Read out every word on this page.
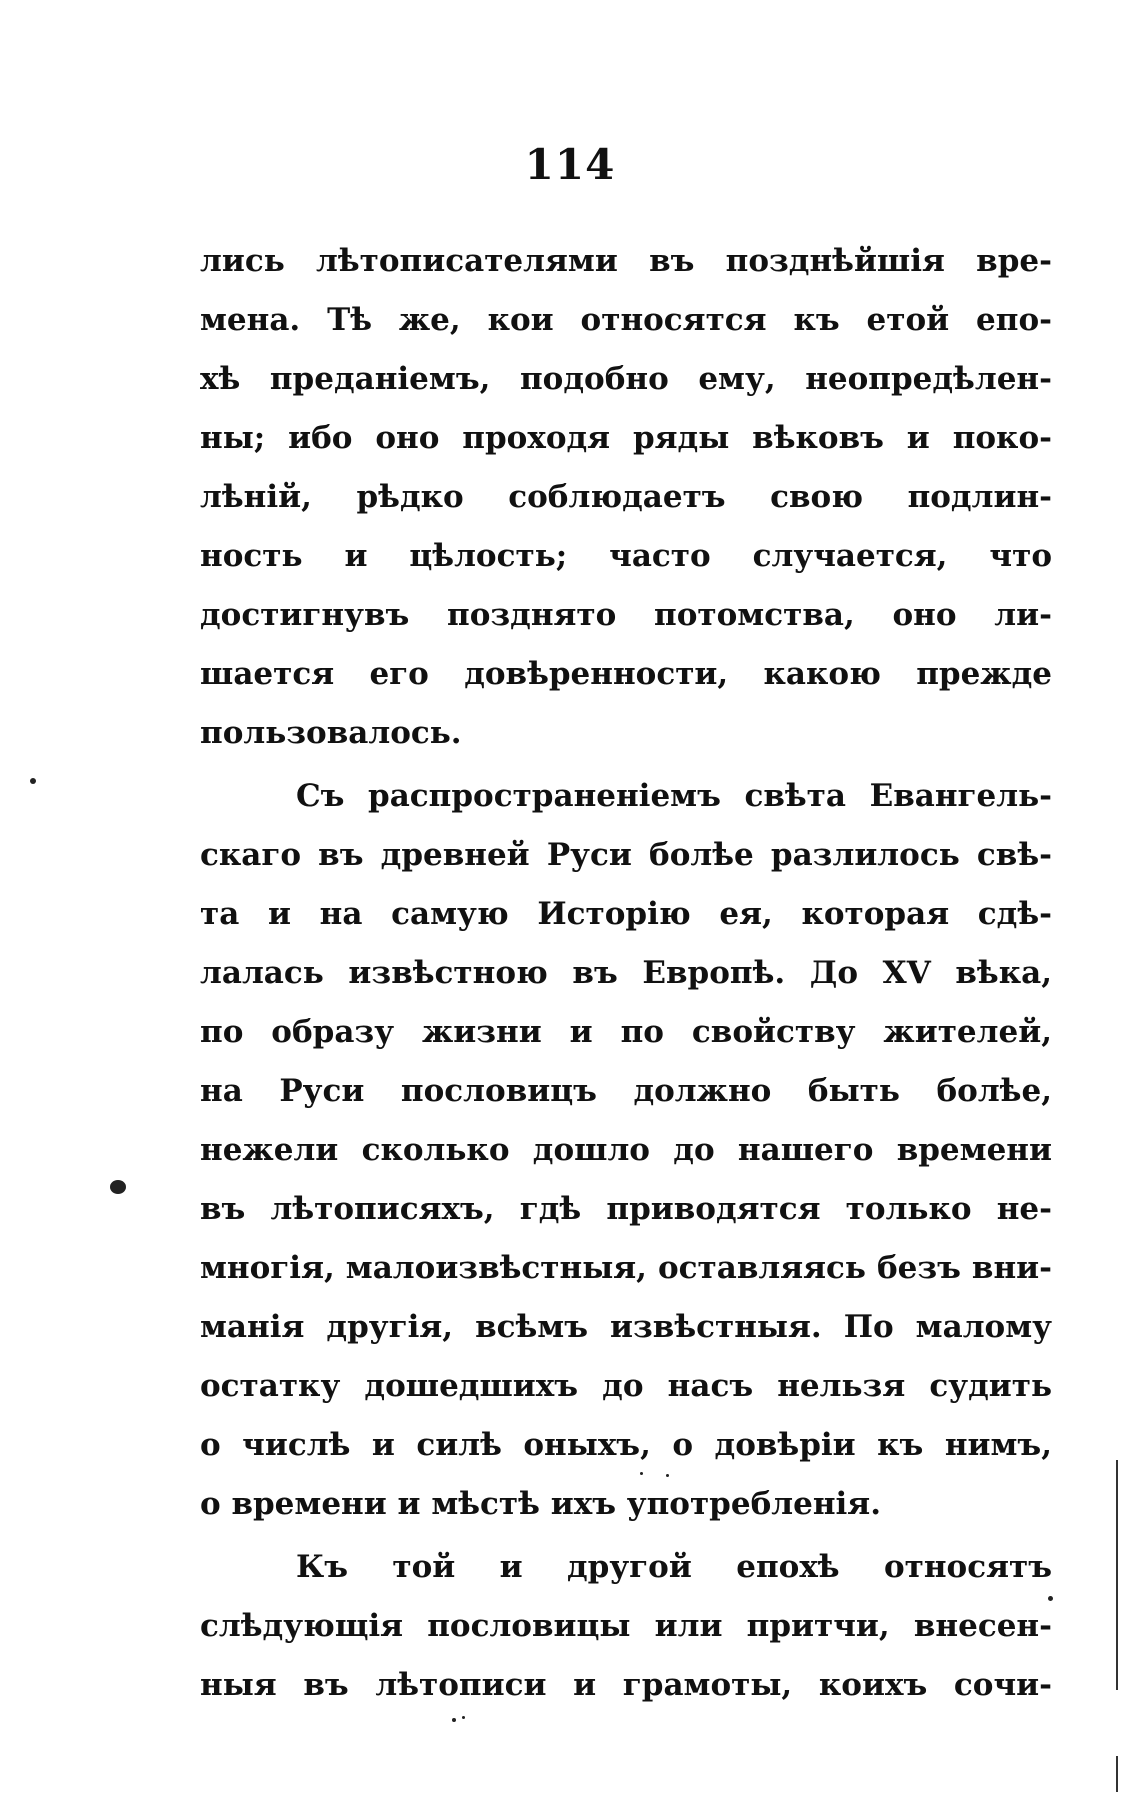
114
лись лѣтописателями въ позднѣйшія вре-
мена. Тѣ же, кои относятся къ етой епо-
хѣ преданіемъ, подобно ему, неопредѣлен-
ны; ибо оно проходя ряды вѣковъ и поко-
лѣній, рѣдко соблюдаетъ свою подлин-
ность и цѣлость; часто случается, что
достигнувъ позднято потомства, оно ли-
шается его довѣренности, какою прежде
пользовалось.
Съ распространеніемъ свѣта Евангель-
скаго въ древней Руси болѣе разлилось свѣ-
та и на самую Исторію ея, которая сдѣ-
лалась извѣстною въ Европѣ. До XV вѣка,
по образу жизни и по свойству жителей,
на Руси пословицъ должно быть болѣе,
нежели сколько дошло до нашего времени
въ лѣтописяхъ, гдѣ приводятся только не-
многія, малоизвѣстныя, оставляясь безъ вни-
манія другія, всѣмъ извѣстныя. По малому
остатку дошедшихъ до насъ нельзя судить
о числѣ и силѣ оныхъ, о довѣріи къ нимъ,
о времени и мѣстѣ ихъ употребленія.
Къ той и другой епохѣ относятъ
слѣдующія пословицы или притчи, внесен-
ныя въ лѣтописи и грамоты, коихъ сочи-
